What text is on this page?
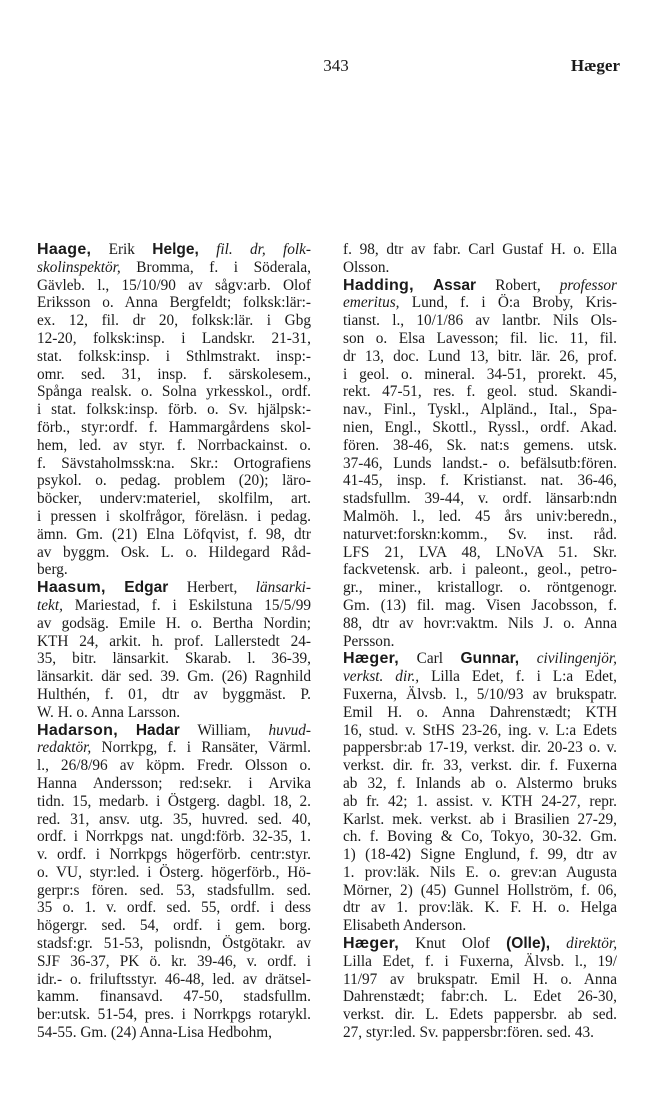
343	Hæger
Haage, Erik Helge, fil. dr, folk-
skolinspektör, Bromma, f. i Söderala,
Gävleb. l., 15/10/90 av sågv:arb. Olof
Eriksson o. Anna Bergfeldt; folksk:lär:-
ex. 12, fil. dr 20, folksk:lär. i Gbg
12-20, folksk:insp. i Landskr. 21-31,
stat. folksk:insp. i Sthlmstrakt. insp:-
omr. sed. 31, insp. f. särskolesem.,
Spånga realsk. o. Solna yrkesskol., ordf.
i stat. folksk:insp. förb. o. Sv. hjälpsk:-
förb., styr:ordf. f. Hammargårdens skol-
hem, led. av styr. f. Norrbackainst. o.
f. Sävstaholmssk:na. Skr.: Ortografiens
psykol. o. pedag. problem (20); läro-
böcker, underv:materiel, skolfilm, art.
i pressen i skolfrågor, föreläsn. i pedag.
ämn. Gm. (21) Elna Löfqvist, f. 98, dtr
av byggm. Osk. L. o. Hildegard Råd-
berg.
Haasum, Edgar Herbert, länsarki-
tekt, Mariestad, f. i Eskilstuna 15/5/99
av godsäg. Emile H. o. Bertha Nordin;
KTH 24, arkit. h. prof. Lallerstedt 24-
35, bitr. länsarkit. Skarab. l. 36-39,
länsarkit. där sed. 39. Gm. (26) Ragnhild
Hulthén, f. 01, dtr av byggmäst. P.
W. H. o. Anna Larsson.
Hadarson, Hadar William, huvud-
redaktör, Norrkpg, f. i Ransäter, Värml.
l., 26/8/96 av köpm. Fredr. Olsson o.
Hanna Andersson; red:sekr. i Arvika
tidn. 15, medarb. i Östgerg. dagbl. 18, 2.
red. 31, ansv. utg. 35, huvred. sed. 40,
ordf. i Norrkpgs nat. ungd:förb. 32-35, 1.
v. ordf. i Norrkpgs högerförb. centr:styr.
o. VU, styr:led. i Österg. högerförb., Hö-
gerpr:s fören. sed. 53, stadsfullm. sed.
35 o. 1. v. ordf. sed. 55, ordf. i dess
högergr. sed. 54, ordf. i gem. borg.
stadsf:gr. 51-53, polisndn, Östgötakr. av
SJF 36-37, PK ö. kr. 39-46, v. ordf. i
idr.- o. friluftsstyr. 46-48, led. av drätsel-
kamm. finansavd. 47-50, stadsfullm.
ber:utsk. 51-54, pres. i Norrkpgs rotarykl.
54-55. Gm. (24) Anna-Lisa Hedbohm,
f. 98, dtr av fabr. Carl Gustaf H. o. Ella
Olsson.
Hadding, Assar Robert, professor
emeritus, Lund, f. i Ö:a Broby, Kris-
tianst. l., 10/1/86 av lantbr. Nils Ols-
son o. Elsa Lavesson; fil. lic. 11, fil.
dr 13, doc. Lund 13, bitr. lär. 26, prof.
i geol. o. mineral. 34-51, prorekt. 45,
rekt. 47-51, res. f. geol. stud. Skandi-
nav., Finl., Tyskl., Alpländ., Ital., Spa-
nien, Engl., Skottl., Ryssl., ordf. Akad.
fören. 38-46, Sk. nat:s gemens. utsk.
37-46, Lunds landst.- o. befälsutb:fören.
41-45, insp. f. Kristianst. nat. 36-46,
stadsfullm. 39-44, v. ordf. länsarb:ndn
Malmöh. l., led. 45 års univ:beredn.,
naturvet:forskn:komm., Sv. inst. råd.
LFS 21, LVA 48, LNoVA 51. Skr.
fackvetensk. arb. i paleont., geol., petro-
gr., miner., kristallogr. o. röntgenogr.
Gm. (13) fil. mag. Visen Jacobsson, f.
88, dtr av hovr:vaktm. Nils J. o. Anna
Persson.
Hæger, Carl Gunnar, civilingenjör,
verkst. dir., Lilla Edet, f. i L:a Edet,
Fuxerna, Älvsb. l., 5/10/93 av brukspatr.
Emil H. o. Anna Dahrenstædt; KTH
16, stud. v. StHS 23-26, ing. v. L:a Edets
pappersbr:ab 17-19, verkst. dir. 20-23 o. v.
verkst. dir. fr. 33, verkst. dir. f. Fuxerna
ab 32, f. Inlands ab o. Alstermo bruks
ab fr. 42; 1. assist. v. KTH 24-27, repr.
Karlst. mek. verkst. ab i Brasilien 27-29,
ch. f. Boving & Co, Tokyo, 30-32. Gm.
1) (18-42) Signe Englund, f. 99, dtr av
1. prov:läk. Nils E. o. grev:an Augusta
Mörner, 2) (45) Gunnel Hollström, f. 06,
dtr av 1. prov:läk. K. F. H. o. Helga
Elisabeth Anderson.
Hæger, Knut Olof (Olle), direktör,
Lilla Edet, f. i Fuxerna, Älvsb. l., 19/
11/97 av brukspatr. Emil H. o. Anna
Dahrenstædt; fabr:ch. L. Edet 26-30,
verkst. dir. L. Edets pappersbr. ab sed.
27, styr:led. Sv. pappersbr:fören. sed. 43.
